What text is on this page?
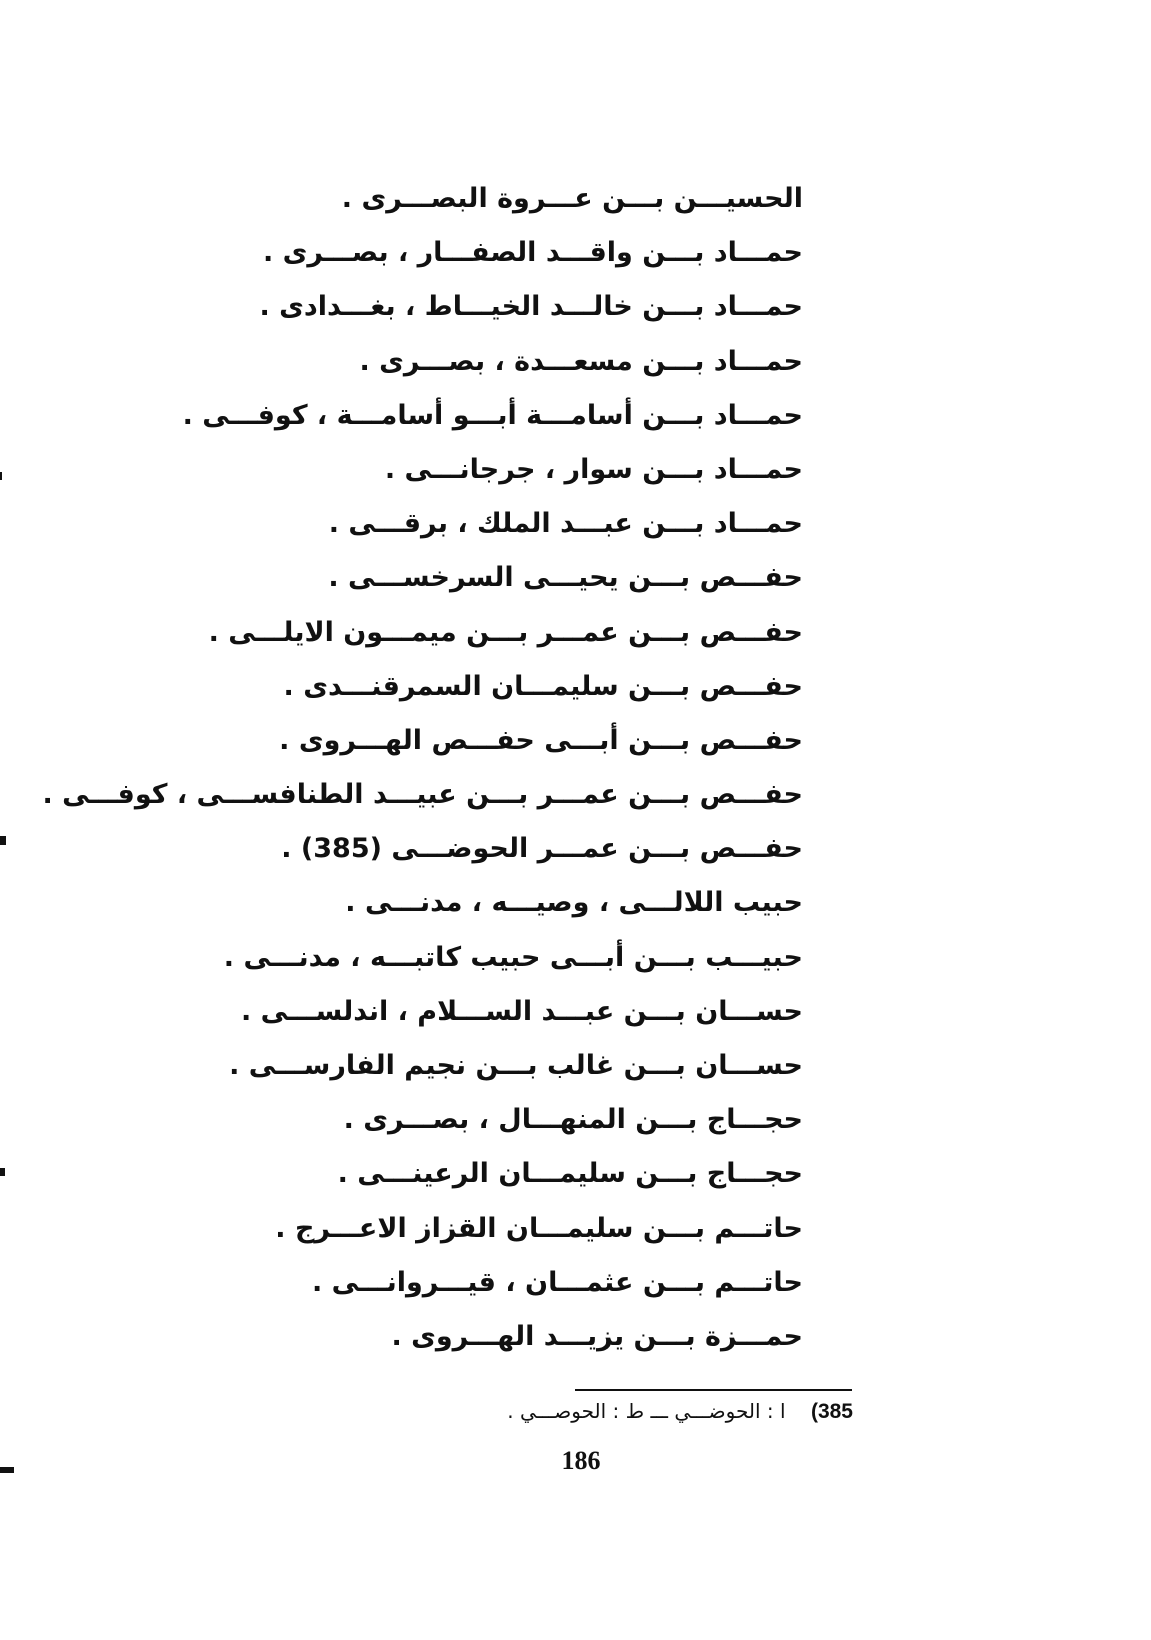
الحسيـــن بـــن عـــروة البصـــرى .
حمـــاد بـــن واقـــد الصفـــار ، بصـــرى .
حمـــاد بـــن خالـــد الخيـــاط ، بغـــدادى .
حمـــاد بـــن مسعـــدة ، بصـــرى .
حمـــاد بـــن أسامـــة أبـــو أسامـــة ، كوفـــى .
حمـــاد بـــن سوار ، جرجانـــى .
حمـــاد بـــن عبـــد الملك ، برقـــى .
حفـــص بـــن يحيـــى السرخســـى .
حفـــص بـــن عمـــر بـــن ميمـــون الايلـــى .
حفـــص بـــن سليمـــان السمرقنـــدى .
حفـــص بـــن أبـــى حفـــص الهـــروى .
حفـــص بـــن عمـــر بـــن عبيـــد الطنافســـى ، كوفـــى .
حفـــص بـــن عمـــر الحوضـــى (385) .
حبيب اللالـــى ، وصيـــه ، مدنـــى .
حبيـــب بـــن أبـــى حبيب كاتبـــه ، مدنـــى .
حســـان بـــن عبـــد الســـلام ، اندلســـى .
حســـان بـــن غالب بـــن نجيم الفارســـى .
حجـــاج بـــن المنهـــال ، بصـــرى .
حجـــاج بـــن سليمـــان الرعينـــى .
حاتـــم بـــن سليمـــان القزاز الاعـــرج .
حاتـــم بـــن عثمـــان ، قيـــروانـــى .
حمـــزة بـــن يزيـــد الهـــروى .
385)    ا : الحوضـــي ـــ ط : الحوصـــي .
186
